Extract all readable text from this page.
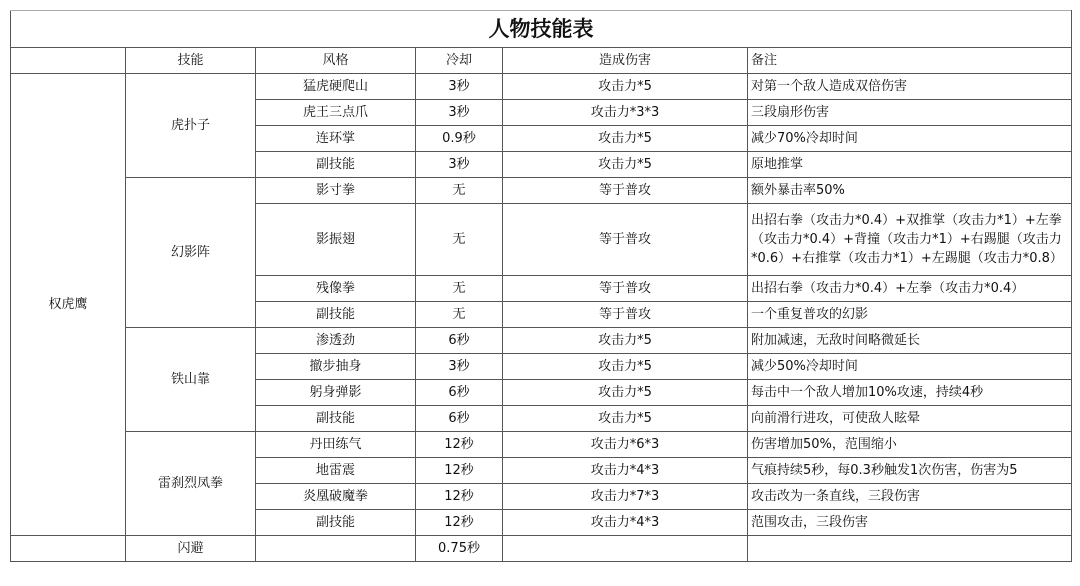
人物技能表					
	技能	风格	冷却	造成伤害	备注
权虎鹰	虎扑子	猛虎硬爬山	3秒	攻击力*5	对第一个敌人造成双倍伤害
		虎王三点爪	3秒	攻击力*3*3	三段扇形伤害
		连环掌	0.9秒	攻击力*5	减少70%冷却时间
		副技能	3秒	攻击力*5	原地推掌
	幻影阵	影寸拳	无	等于普攻	额外暴击率50%
		影振翅	无	等于普攻	出招右拳（攻击力*0.4）+双推掌（攻击力*1）+左拳（攻击力*0.4）+背撞（攻击力*1）+右踢腿（攻击力*0.6）+右推掌（攻击力*1）+左踢腿（攻击力*0.8）
		残像拳	无	等于普攻	出招右拳（攻击力*0.4）+左拳（攻击力*0.4）
		副技能	无	等于普攻	一个重复普攻的幻影
	铁山靠	渗透劲	6秒	攻击力*5	附加减速，无敌时间略微延长
		撤步抽身	3秒	攻击力*5	减少50%冷却时间
		躬身弹影	6秒	攻击力*5	每击中一个敌人增加10%攻速，持续4秒
		副技能	6秒	攻击力*5	向前滑行进攻，可使敌人眩晕
	雷刹烈凤拳	丹田练气	12秒	攻击力*6*3	伤害增加50%，范围缩小
		地雷震	12秒	攻击力*4*3	气痕持续5秒，每0.3秒触发1次伤害，伤害为5
		炎凰破魔拳	12秒	攻击力*7*3	攻击改为一条直线，三段伤害
		副技能	12秒	攻击力*4*3	范围攻击，三段伤害
	闪避		0.75秒		
